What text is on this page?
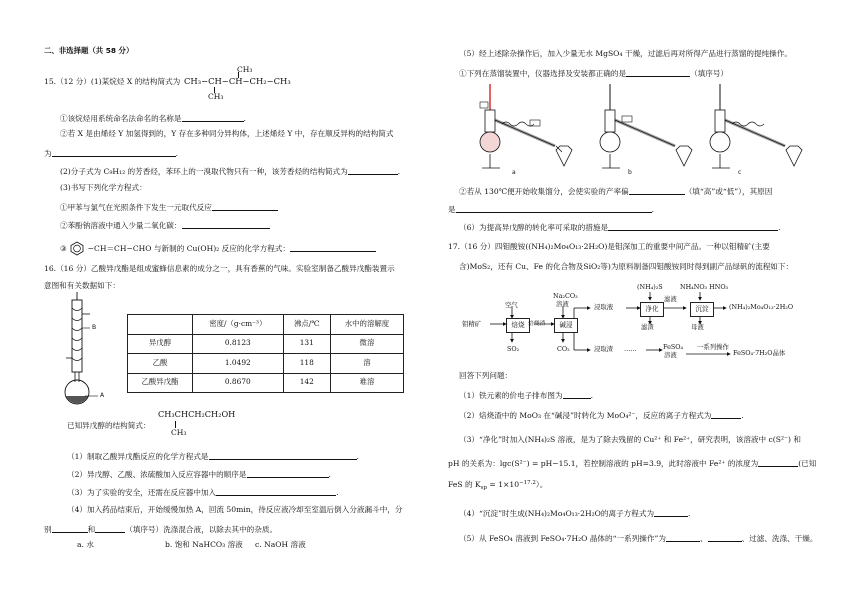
二、非选择题（共 58 分）
15.（12 分）(1)某烷烃 X 的结构简式为
CH₃
CH₃−CH−CH−CH₂−CH₃
CH₃
①该烷烃用系统命名法命名的名称是	.
②若 X 是由烯烃 Y 加氢得到的，Y 存在多种同分异构体，上述烯烃 Y 中，存在顺反异构的结构简式
为	.
(2)分子式为 C₉H₁₂ 的芳香烃，苯环上的一溴取代物只有一种，该芳香烃的结构简式为	.
(3)书写下列化学方程式：
①甲苯与氯气在光照条件下发生一元取代反应
②苯酚钠溶液中通入少量二氧化碳：
③	−CH＝CH−CHO 与新制的 Cu(OH)₂ 反应的化学方程式：
16.（16 分）乙酸异戊酯是组成蜜蜂信息素的成分之一，具有香蕉的气味。实验室制备乙酸异戊酯装置示
意图和有关数据如下：
B
A
	密度/（g·cm⁻³）	沸点/℃	水中的溶解度
异戊醇	0.8123	131	微溶
乙酸	1.0492	118	溶
乙酸异戊酯	0.8670	142	难溶
CH₃CHCH₂CH₂OH
已知异戊醇的结构简式：
CH₃
（1）制取乙酸异戊酯反应的化学方程式是	.
（2）异戊醇、乙酸、浓硫酸加入反应容器中的顺序是	.
（3）为了实验的安全，还需在反应器中加入	.
（4）加入药品结束后，开始缓慢加热 A，回流 50min，待反应液冷却至室温后倒入分液漏斗中，分
别	和	（填序号）洗涤混合液，以除去其中的杂质。
a. 水	b. 饱和 NaHCO₃ 溶液 c. NaOH 溶液
（5）经上述除杂操作后，加入少量无水 MgSO₄ 干燥，过滤后再对所得产品进行蒸馏的提纯操作。
①下列在蒸馏装置中，仪器选择及安装都正确的是	（填序号）
a	b	c
②若从 130℃便开始收集馏分，会使实验的产率偏	（填“高”或“低”），其原因
是	.
（6）为提高异戊醇的转化率可采取的措施是	.
17.（16 分）四钼酸铵((NH₄)₂Mo₄O₁₃·2H₂O)是钼深加工的重要中间产品。一种以钼精矿(主要
含)MoS₂，还有 Cu、Fe 的化合物及SiO₂等)为原料制备四钼酸铵同时得到副产品绿矾的流程如下：
焙烧	碱浸
净化	沉淀
钼精矿
空气
SO₂
焙烧渣
Na₂CO₃
溶液
CO₂
浸取液
(NH₄)₂S
滤渣
滤液
NH₄NO₃ HNO₃
母液
(NH₄)₂Mo₄O₁₃·2H₂O
浸取渣 ……	FeSO₄
溶液
一系列操作
FeSO₄·7H₂O晶体
回答下列问题：
（1）铁元素的价电子排布图为	.
（2）焙烧渣中的 MoO₃ 在“碱浸”时转化为 MoO₄²⁻，反应的离子方程式为	.
（3）“净化”时加入(NH₄)₂S 溶液，是为了除去残留的 Cu²⁺ 和 Fe²⁺，研究表明，该溶液中 c(S²⁻) 和
pH 的关系为：lgc(S²⁻) = pH−15.1，若控制溶液的 pH=3.9，此时溶液中 Fe²⁺ 的浓度为	(已知
FeS 的 $K_{sp} = 1\times 10^{-17.2}$）。
（4）“沉淀”时生成(NH₄)₂Mo₄O₁₃·2H₂O的离子方程式为	.
（5）从 FeSO₄ 溶液到 FeSO₄·7H₂O 晶体的“一系列操作”为	、	、过滤、洗涤、干燥。
